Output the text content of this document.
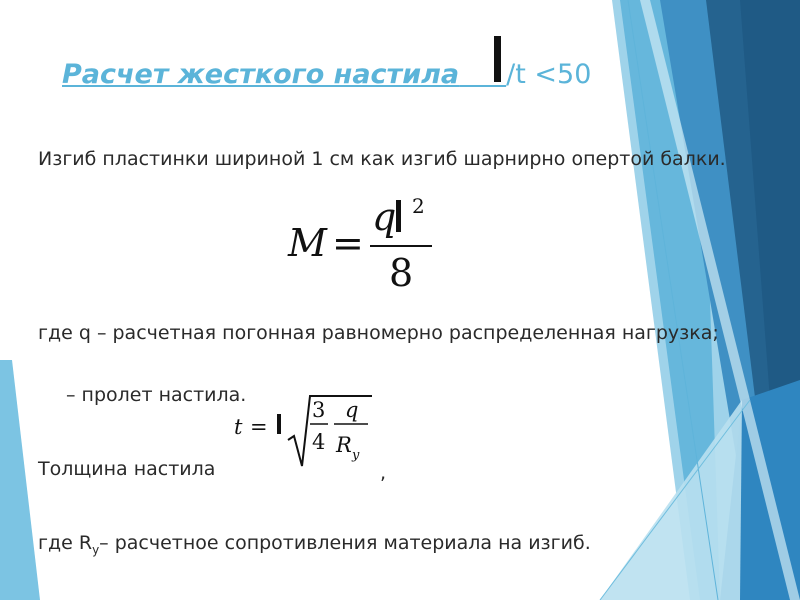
Расчет жесткого настила /t <50
Изгиб пластинки шириной 1 см как изгиб шарнирно опертой балки.
M =
q 2
8
где q – расчетная погонная равномерно распределенная нагрузка;
– пролет настила.
t =
3
4
q
R y
Толщина настила	,
где $R_y-$ расчетное сопротивления материала на изгиб.
